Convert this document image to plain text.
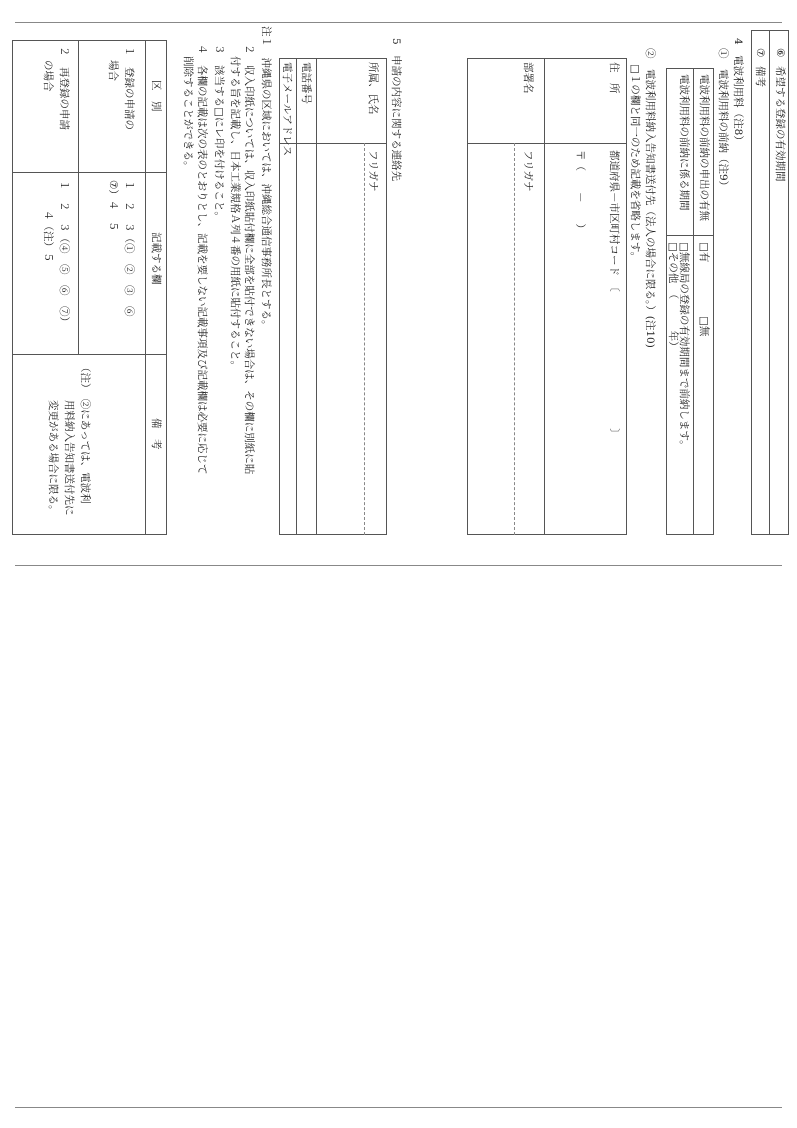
⑥
希望する登録の有効期間
⑦
備考
4　電波利用料（注8）
①　電波利用料の前納（注9）
電波利用料の前納の申出の有無
□有
□無
電波利用料の前納に係る期間
□無線局の登録の有効期間まで前納します。
□その他　（　　　年）
②　電波利用料納入告知書送付先（法人の場合に限る。）(注10)
□１の欄と同一のため記載を省略します。
住　所
都道府県－市区町村コード　〔　　　　　　　　　　　　　〕
〒（　　－　　）
部署名
フリガナ
5　申請の内容に関する連絡先
所属、氏名
フリガナ
電話番号
電子メールアドレス
注１　沖縄県の区域においては、沖縄総合通信事務所長とする。
２　収入印紙については、収入印紙貼付欄に全部を貼付できない場合は、その欄に別紙に貼
付する旨を記載し、日本工業規格Ａ列４番の用紙に貼付すること。
３　該当する□にレ印を付けること。
４　各欄の記載は次の表のとおりとし、記載を要しない記載事項及び記載欄は必要に応じて
削除することができる。
区　別
記載する欄
備　考
１　登録の申請の
場合
１　２　３（①　②　③　⑥
⑦）４　５
２　再登録の申請
の場合
１　２　３（④　⑤　⑥　⑦）
４（注）５
（注）　②にあっては、電波利
用料納入告知書送付先に
変更がある場合に限る。
